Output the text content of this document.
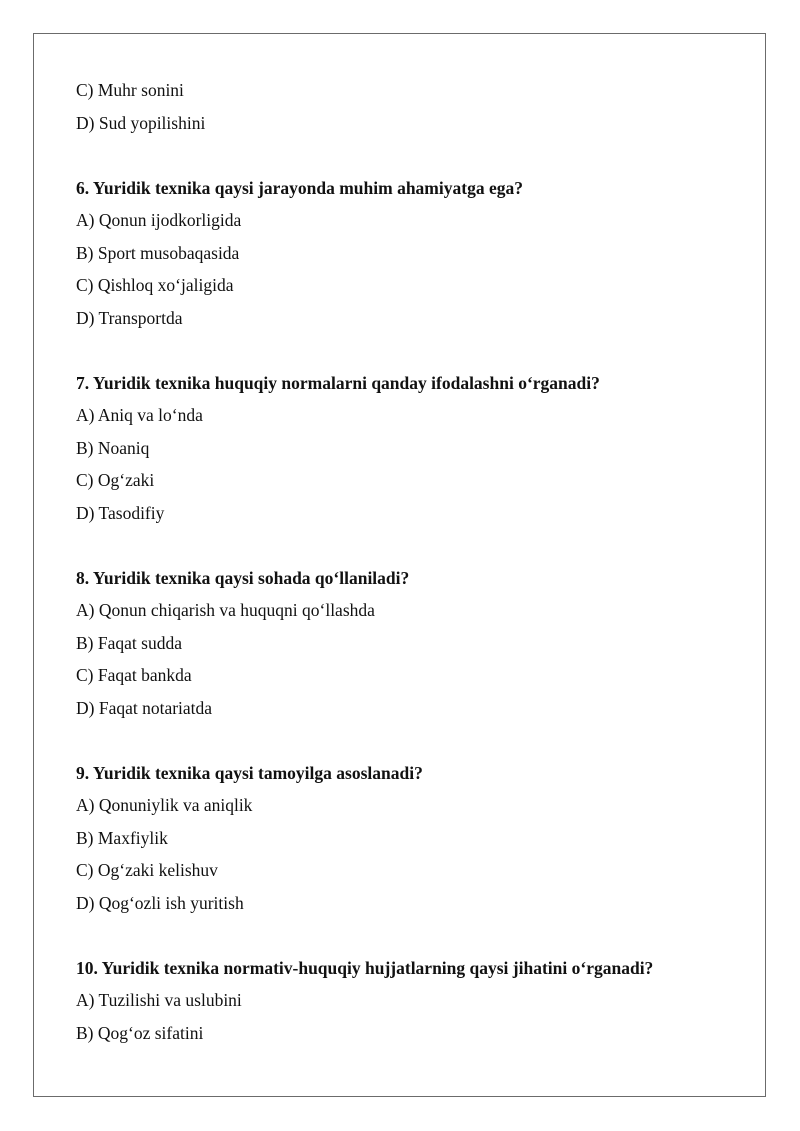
C) Muhr sonini
D) Sud yopilishini
6. Yuridik texnika qaysi jarayonda muhim ahamiyatga ega?
A) Qonun ijodkorligida
B) Sport musobaqasida
C) Qishloq xo‘jaligida
D) Transportda
7. Yuridik texnika huquqiy normalarni qanday ifodalashni o‘rganadi?
A) Aniq va lo‘nda
B) Noaniq
C) Og‘zaki
D) Tasodifiy
8. Yuridik texnika qaysi sohada qo‘llaniladi?
A) Qonun chiqarish va huquqni qo‘llashda
B) Faqat sudda
C) Faqat bankda
D) Faqat notariatda
9. Yuridik texnika qaysi tamoyilga asoslanadi?
A) Qonuniylik va aniqlik
B) Maxfiylik
C) Og‘zaki kelishuv
D) Qog‘ozli ish yuritish
10. Yuridik texnika normativ-huquqiy hujjatlarning qaysi jihatini o‘rganadi?
A) Tuzilishi va uslubini
B) Qog‘oz sifatini
